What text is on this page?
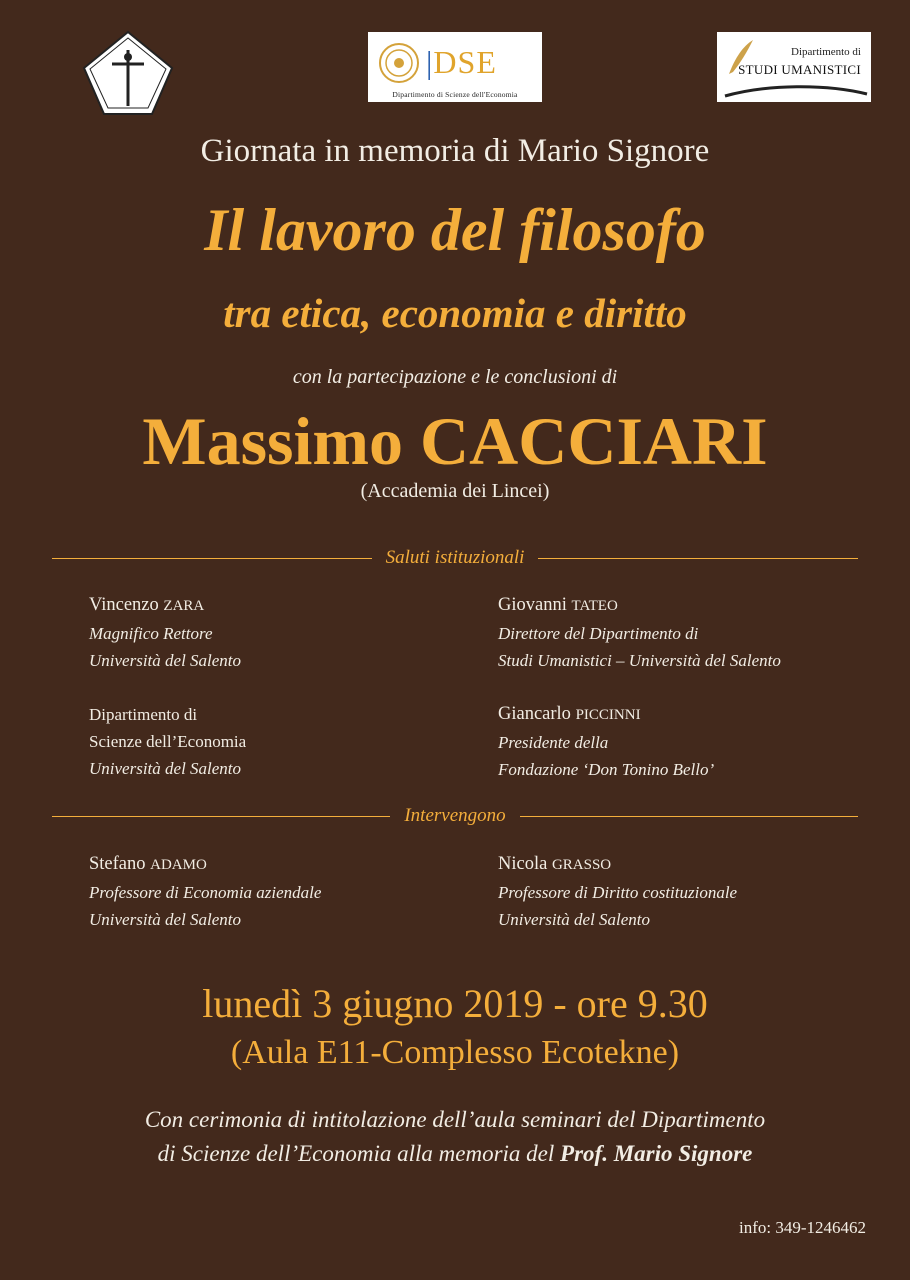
|DSE
Dipartimento di Scienze dell'Economia
Dipartimento di
STUDI UMANISTICI
Giornata in memoria di Mario Signore
Il lavoro del filosofo
tra etica, economia e diritto
con la partecipazione e le conclusioni di
Massimo CACCIARI
(Accademia dei Lincei)
Saluti istituzionali
Vincenzo ZARA
Magnifico Rettore
Università del Salento
Giovanni TATEO
Direttore del Dipartimento di
Studi Umanistici – Università del Salento
Dipartimento di
Scienze dell’Economia
Università del Salento
Giancarlo PICCINNI
Presidente della
Fondazione ‘Don Tonino Bello’
Intervengono
Stefano ADAMO
Professore di Economia aziendale
Università del Salento
Nicola GRASSO
Professore di Diritto costituzionale
Università del Salento
lunedì 3 giugno 2019 - ore 9.30
(Aula E11-Complesso Ecotekne)
Con cerimonia di intitolazione dell’aula seminari del Dipartimento
di Scienze dell’Economia alla memoria del Prof. Mario Signore
info: 349-1246462
